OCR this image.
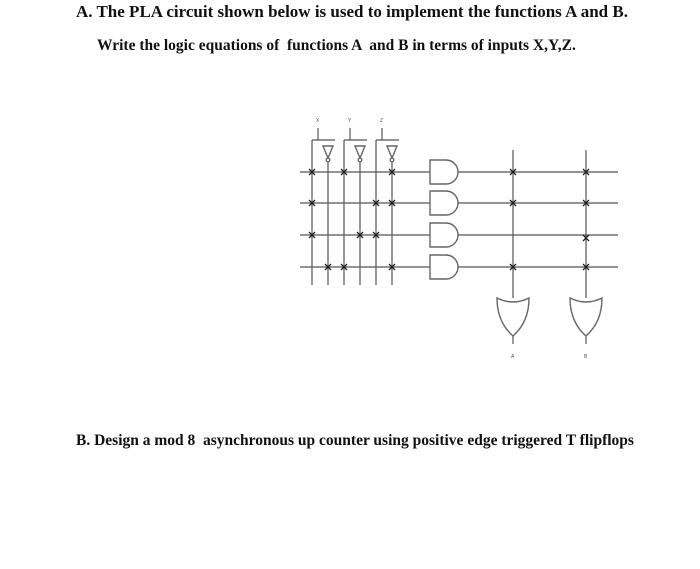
A. The PLA circuit shown below is used to implement the functions A and B.

Write the logic equations of  functions A  and B in terms of inputs X,Y,Z.

X	Y	Z
A	B

B. Design a mod 8  asynchronous up counter using positive edge triggered T flipflops
